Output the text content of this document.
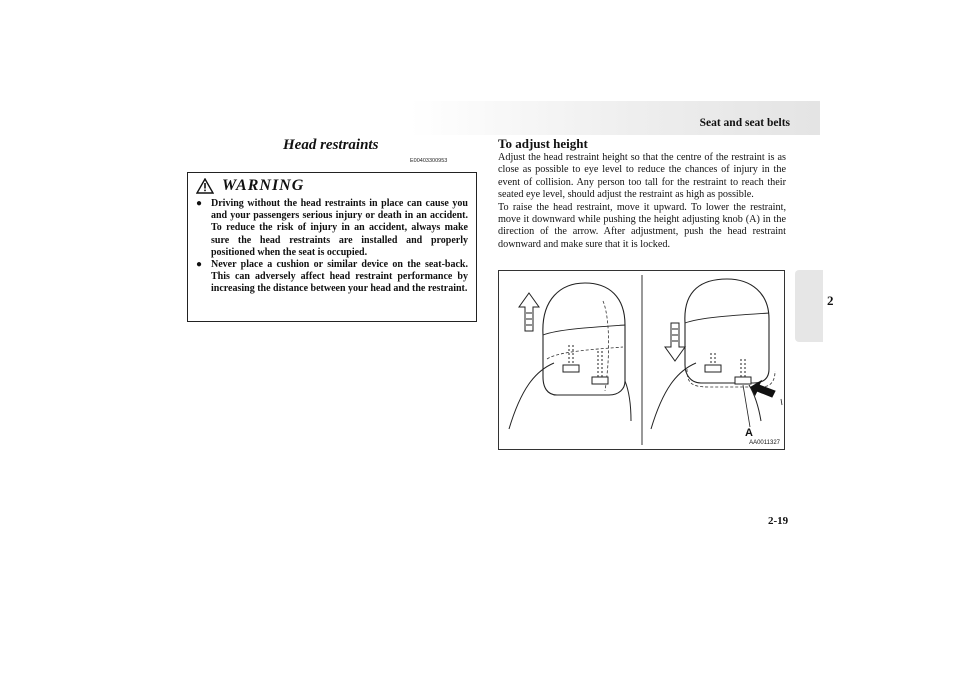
Seat and seat belts
2
Head restraints
E00403300953
WARNING
● Driving without the head restraints in place can cause you and your passengers serious injury or death in an accident. To reduce the risk of injury in an accident, always make sure the head restraints are installed and properly positioned when the seat is occupied.
● Never place a cushion or similar device on the seat-back. This can adversely affect head restraint performance by increasing the distance between your head and the restraint.
To adjust height

Adjust the head restraint height so that the centre of the restraint is as close as possible to eye level to reduce the chances of injury in the event of collision. Any person too tall for the restraint to reach their seated eye level, should adjust the restraint as high as possible.

To raise the head restraint, move it upward. To lower the restraint, move it downward while pushing the height adjusting knob (A) in the direction of the arrow. After adjustment, push the head restraint downward and make sure that it is locked.

A
AA0011327
2-19
